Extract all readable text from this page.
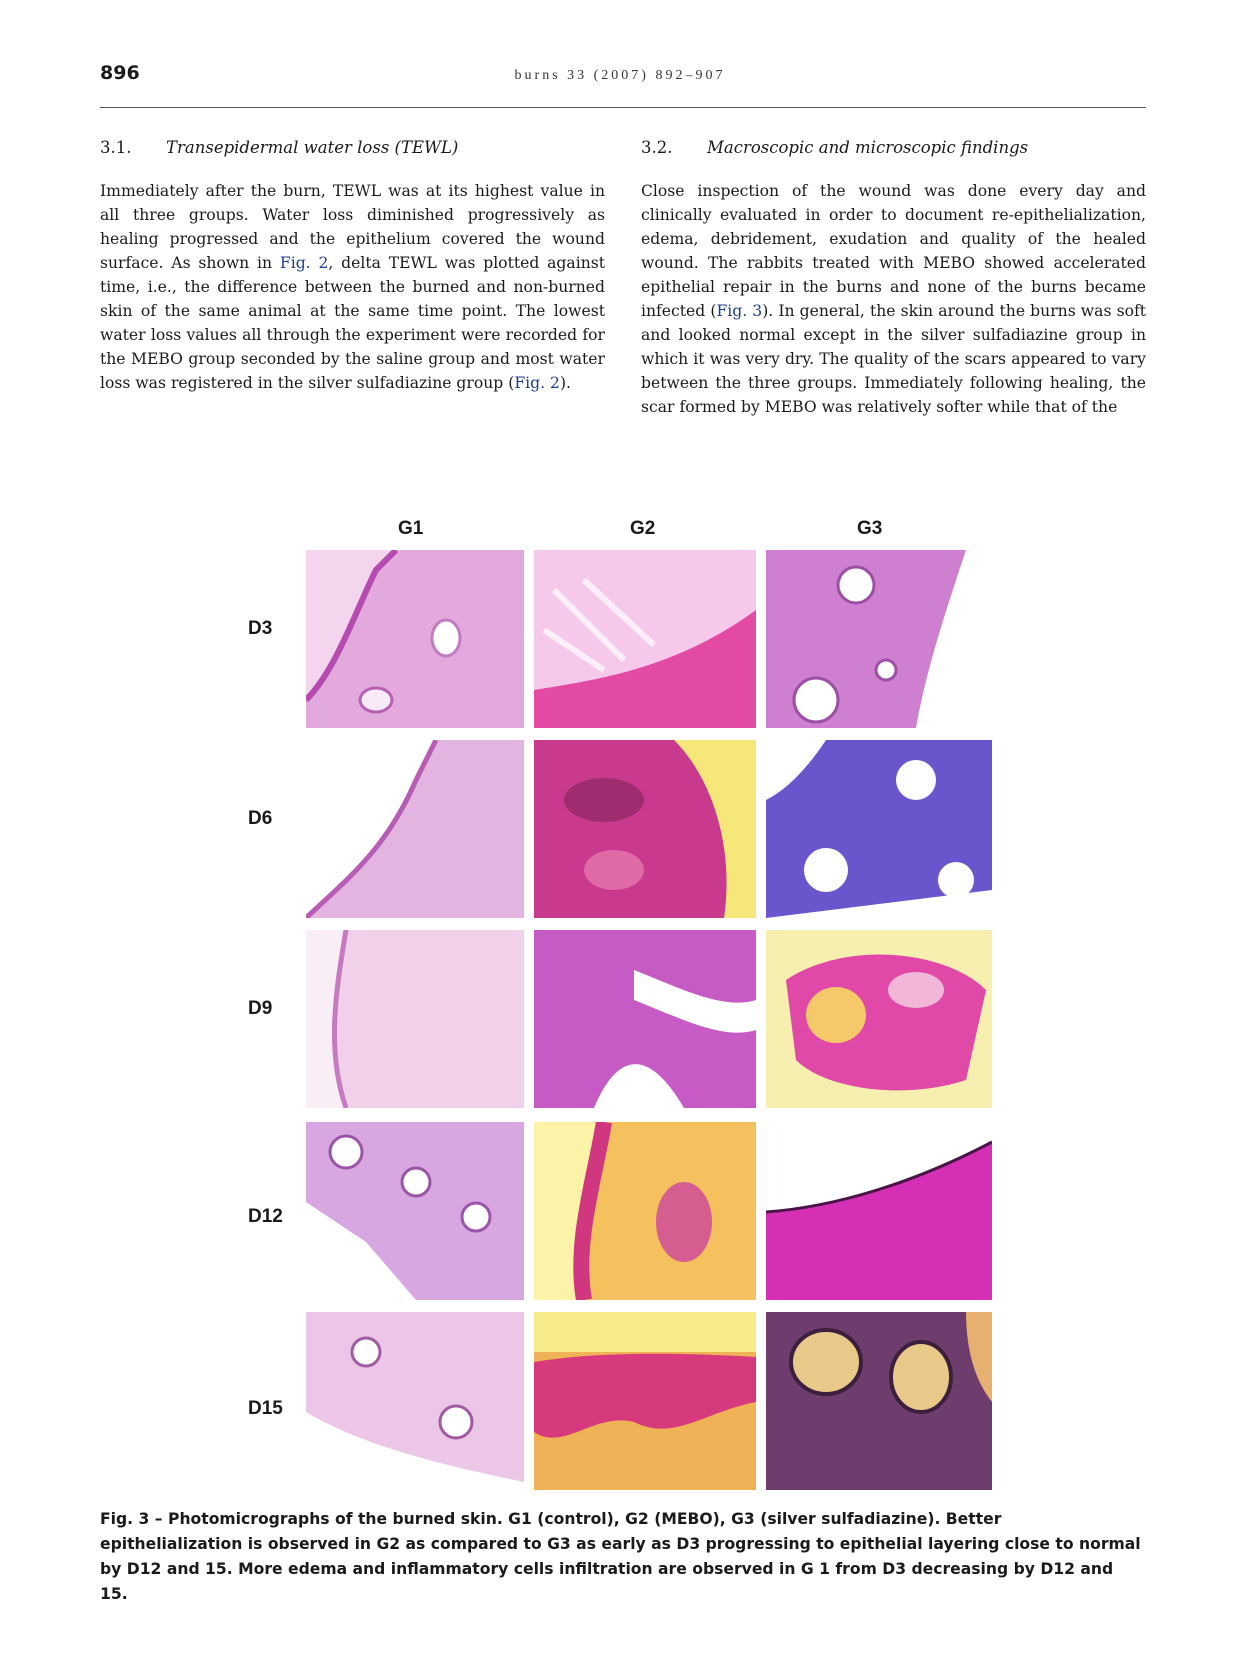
896	burns 33 (2007) 892–907
3.1.	Transepidermal water loss (TEWL)

Immediately after the burn, TEWL was at its highest value in all three groups. Water loss diminished progressively as healing progressed and the epithelium covered the wound surface. As shown in Fig. 2, delta TEWL was plotted against time, i.e., the difference between the burned and non-burned skin of the same animal at the same time point. The lowest water loss values all through the experiment were recorded for the MEBO group seconded by the saline group and most water loss was registered in the silver sulfadiazine group (Fig. 2).

3.2.	Macroscopic and microscopic findings

Close inspection of the wound was done every day and clinically evaluated in order to document re-epithelialization, edema, debridement, exudation and quality of the healed wound. The rabbits treated with MEBO showed accelerated epithelial repair in the burns and none of the burns became infected (Fig. 3). In general, the skin around the burns was soft and looked normal except in the silver sulfadiazine group in which it was very dry. The quality of the scars appeared to vary between the three groups. Immediately following healing, the scar formed by MEBO was relatively softer while that of the

G1	G2	G3
D3
D6
D9
D12
D15
Fig. 3 – Photomicrographs of the burned skin. G1 (control), G2 (MEBO), G3 (silver sulfadiazine). Better epithelialization is observed in G2 as compared to G3 as early as D3 progressing to epithelial layering close to normal by D12 and 15. More edema and inflammatory cells infiltration are observed in G 1 from D3 decreasing by D12 and 15.
